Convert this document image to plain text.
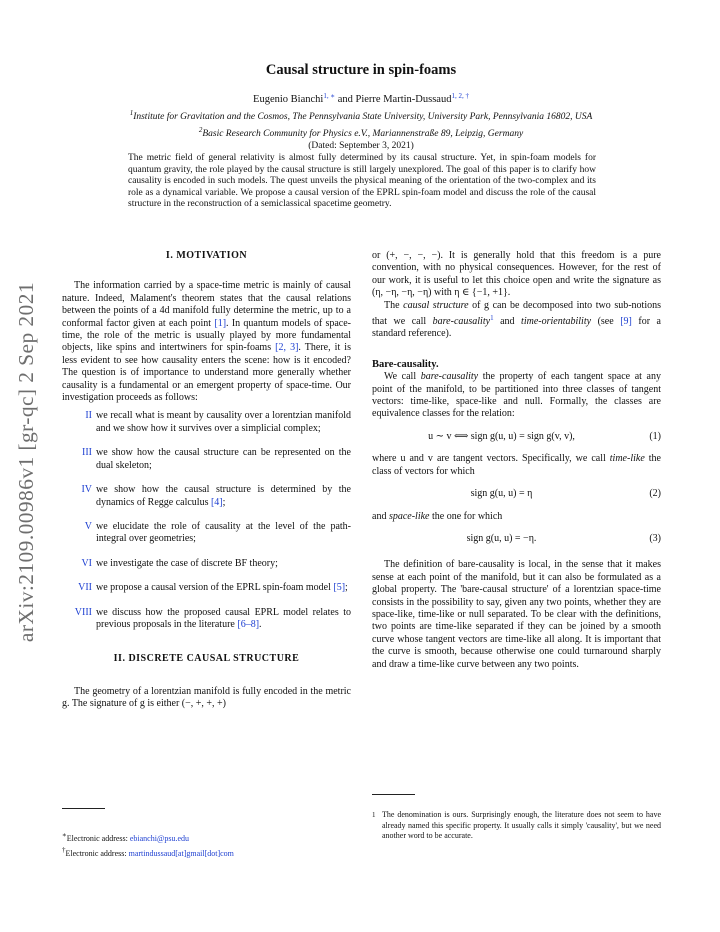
arXiv:2109.00986v1 [gr-qc] 2 Sep 2021
Causal structure in spin-foams
Eugenio Bianchi$^{1, ∗}$ and Pierre Martin-Dussaud$^{1, 2, \dagger}$
$^1$Institute for Gravitation and the Cosmos, The Pennsylvania State University, University Park, Pennsylvania 16802, USA
$^2$Basic Research Community for Physics e.V., Mariannenstraße 89, Leipzig, Germany
(Dated: September 3, 2021)

The metric field of general relativity is almost fully determined by its causal structure. Yet, in spin-foam models for quantum gravity, the role played by the causal structure is still largely unexplored. The goal of this paper is to clarify how causality is encoded in such models. The quest unveils the physical meaning of the orientation of the two-complex and its role as a dynamical variable. We propose a causal version of the EPRL spin-foam model and discuss the role of the causal structure in the reconstruction of a semiclassical spacetime geometry.

I. MOTIVATION

The information carried by a space-time metric is mainly of causal nature. Indeed, Malament's theorem states that the causal relations between the points of a 4d manifold fully determine the metric, up to a conformal factor given at each point [1]. In quantum models of space-time, the role of the metric is usually played by more fundamental objects, like spins and intertwiners for spin-foams [2, 3]. There, it is less evident to see how causality enters the scene: how is it encoded? The question is of importance to understand more generally whether causality is a fundamental or an emergent property of space-time. Our investigation proceeds as follows:

II we recall what is meant by causality over a lorentzian manifold and we show how it survives over a simplicial complex;
III we show how the causal structure can be represented on the dual skeleton;
IV we show how the causal structure is determined by the dynamics of Regge calculus [4];
V we elucidate the role of causality at the level of the path-integral over geometries;
VI we investigate the case of discrete BF theory;
VII we propose a causal version of the EPRL spin-foam model [5];
VIII we discuss how the proposed causal EPRL model relates to previous proposals in the literature [6–8].
II. DISCRETE CAUSAL STRUCTURE

The geometry of a lorentzian manifold is fully encoded in the metric g. The signature of g is either (−, +, +, +)

or (+, −, −, −). It is generally hold that this freedom is a pure convention, with no physical consequences. However, for the rest of our work, it is useful to let this choice open and write the signature as (η, −η, −η, −η) with η ∈ {−1, +1}.

The causal structure of g can be decomposed into two sub-notions that we call bare-causality$^1$ and time-orientability (see [9] for a standard reference).

Bare-causality.

We call bare-causality the property of each tangent space at any point of the manifold, to be partitioned into three classes of tangent vectors: time-like, space-like and null. Formally, the classes are equivalence classes for the relation:

u ∼ v ⟺ sign g(u, u) = sign g(v, v),	(1)

where u and v are tangent vectors. Specifically, we call time-like the class of vectors for which

sign g(u, u) = η	(2)

and space-like the one for which

sign g(u, u) = −η.	(3)

The definition of bare-causality is local, in the sense that it makes sense at each point of the manifold, but it can also be formulated as a global property. The 'bare-causal structure' of a lorentzian space-time consists in the possibility to say, given any two points, whether they are space-like, time-like or null separated. To be clear with the definitions, two points are time-like separated if they can be joined by a smooth curve whose tangent vectors are time-like all along. It is important that the curve is smooth, because otherwise one could turnaround sharply and draw a time-like curve between any two points.

∗Electronic address: ebianchi@psu.edu
†Electronic address: martindussaud[at]gmail[dot]com
1 The denomination is ours. Surprisingly enough, the literature does not seem to have already named this specific property. It usually calls it simply 'causality', but we need another word to be accurate.
